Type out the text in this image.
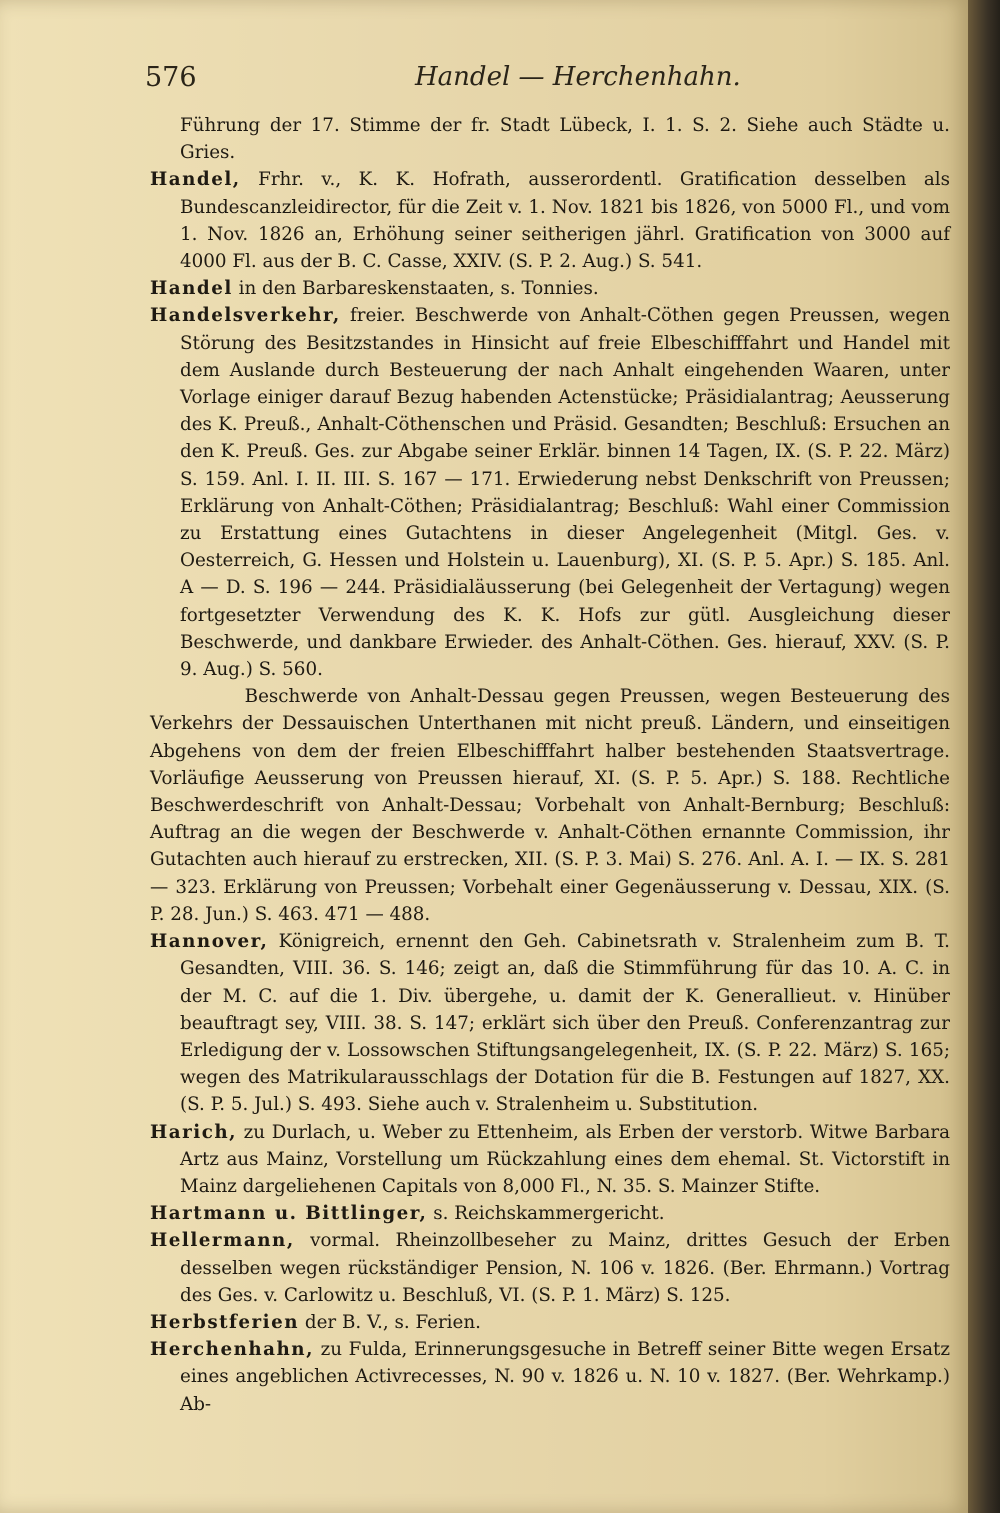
576	Handel — Herchenhahn.

Führung der 17. Stimme der fr. Stadt Lübeck, I. 1. S. 2. Siehe auch Städte u. Gries.

Handel, Frhr. v., K. K. Hofrath, ausserordentl. Gratification desselben als Bundescanzleidirector, für die Zeit v. 1. Nov. 1821 bis 1826, von 5000 Fl., und vom 1. Nov. 1826 an, Erhöhung seiner seitherigen jährl. Gratification von 3000 auf 4000 Fl. aus der B. C. Casse, XXIV. (S. P. 2. Aug.) S. 541.

Handel in den Barbareskenstaaten, s. Tonnies.

Handelsverkehr, freier. Beschwerde von Anhalt-Cöthen gegen Preussen, wegen Störung des Besitzstandes in Hinsicht auf freie Elbeschifffahrt und Handel mit dem Auslande durch Besteuerung der nach Anhalt eingehenden Waaren, unter Vorlage einiger darauf Bezug habenden Actenstücke; Präsidialantrag; Aeusserung des K. Preuß., Anhalt-Cöthenschen und Präsid. Gesandten; Beschluß: Ersuchen an den K. Preuß. Ges. zur Abgabe seiner Erklär. binnen 14 Tagen, IX. (S. P. 22. März) S. 159. Anl. I. II. III. S. 167 — 171. Erwiederung nebst Denkschrift von Preussen; Erklärung von Anhalt-Cöthen; Präsidialantrag; Beschluß: Wahl einer Commission zu Erstattung eines Gutachtens in dieser Angelegenheit (Mitgl. Ges. v. Oesterreich, G. Hessen und Holstein u. Lauenburg), XI. (S. P. 5. Apr.) S. 185. Anl. A — D. S. 196 — 244. Präsidialäusserung (bei Gelegenheit der Vertagung) wegen fortgesetzter Verwendung des K. K. Hofs zur gütl. Ausgleichung dieser Beschwerde, und dankbare Erwieder. des Anhalt-Cöthen. Ges. hierauf, XXV. (S. P. 9. Aug.) S. 560.

Beschwerde von Anhalt-Dessau gegen Preussen, wegen Besteuerung des Verkehrs der Dessauischen Unterthanen mit nicht preuß. Ländern, und einseitigen Abgehens von dem der freien Elbeschifffahrt halber bestehenden Staatsvertrage. Vorläufige Aeusserung von Preussen hierauf, XI. (S. P. 5. Apr.) S. 188. Rechtliche Beschwerdeschrift von Anhalt-Dessau; Vorbehalt von Anhalt-Bernburg; Beschluß: Auftrag an die wegen der Beschwerde v. Anhalt-Cöthen ernannte Commission, ihr Gutachten auch hierauf zu erstrecken, XII. (S. P. 3. Mai) S. 276. Anl. A. I. — IX. S. 281 — 323. Erklärung von Preussen; Vorbehalt einer Gegenäusserung v. Dessau, XIX. (S. P. 28. Jun.) S. 463. 471 — 488.

Hannover, Königreich, ernennt den Geh. Cabinetsrath v. Stralenheim zum B. T. Gesandten, VIII. 36. S. 146; zeigt an, daß die Stimmführung für das 10. A. C. in der M. C. auf die 1. Div. übergehe, u. damit der K. Generallieut. v. Hinüber beauftragt sey, VIII. 38. S. 147; erklärt sich über den Preuß. Conferenzantrag zur Erledigung der v. Lossowschen Stiftungsangelegenheit, IX. (S. P. 22. März) S. 165; wegen des Matrikularausschlags der Dotation für die B. Festungen auf 1827, XX. (S. P. 5. Jul.) S. 493. Siehe auch v. Stralenheim u. Substitution.

Harich, zu Durlach, u. Weber zu Ettenheim, als Erben der verstorb. Witwe Barbara Artz aus Mainz, Vorstellung um Rückzahlung eines dem ehemal. St. Victorstift in Mainz dargeliehenen Capitals von 8,000 Fl., N. 35. S. Mainzer Stifte.

Hartmann u. Bittlinger, s. Reichskammergericht.

Hellermann, vormal. Rheinzollbeseher zu Mainz, drittes Gesuch der Erben desselben wegen rückständiger Pension, N. 106 v. 1826. (Ber. Ehrmann.) Vortrag des Ges. v. Carlowitz u. Beschluß, VI. (S. P. 1. März) S. 125.

Herbstferien der B. V., s. Ferien.

Herchenhahn, zu Fulda, Erinnerungsgesuche in Betreff seiner Bitte wegen Ersatz eines angeblichen Activrecesses, N. 90 v. 1826 u. N. 10 v. 1827. (Ber. Wehrkamp.) Ab-
